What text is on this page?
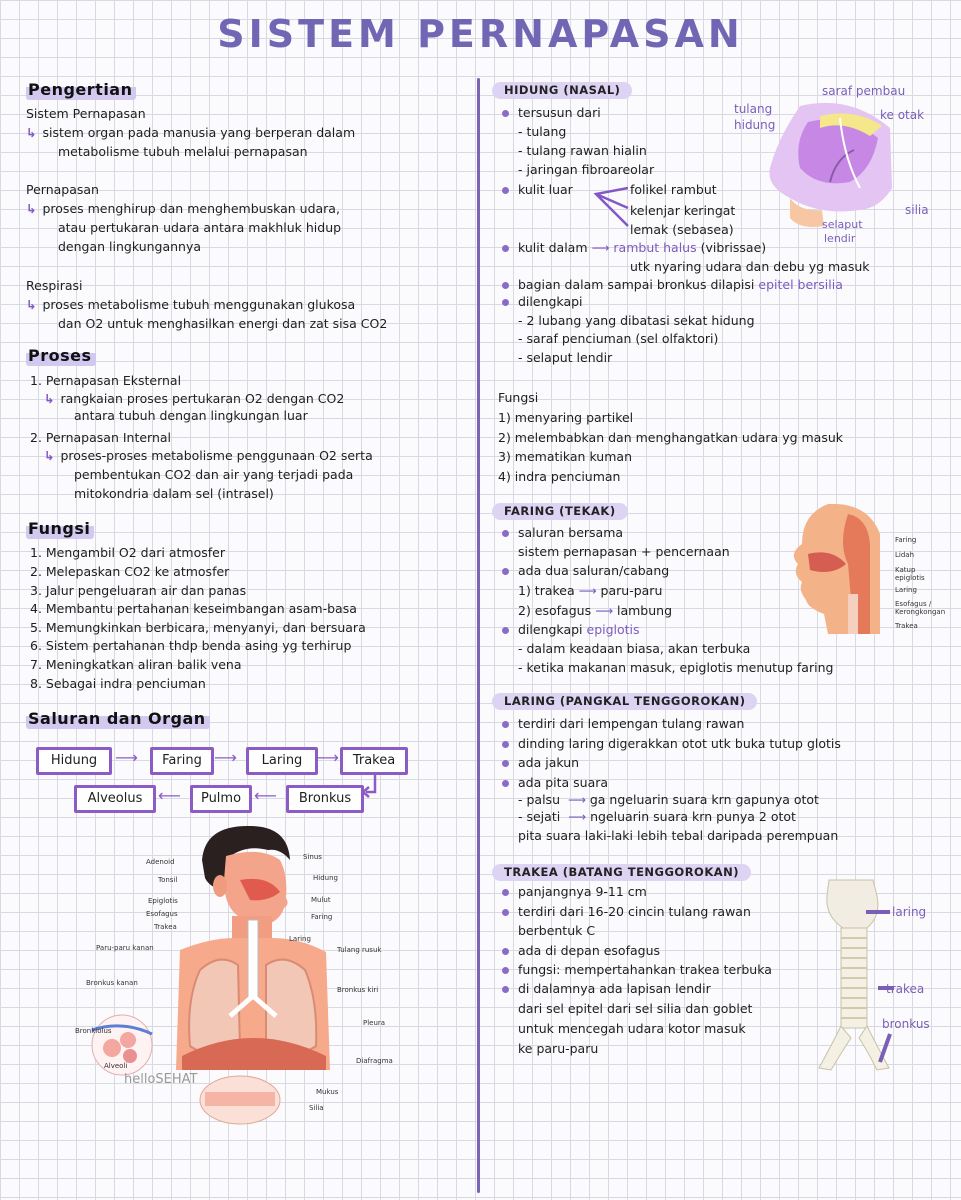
SISTEM PERNAPASAN
Pengertian
Sistem Pernapasan
↳ sistem organ pada manusia yang berperan dalam
metabolisme tubuh melalui pernapasan
Pernapasan
↳ proses menghirup dan menghembuskan udara,
atau pertukaran udara antara makhluk hidup
dengan lingkungannya
Respirasi
↳ proses metabolisme tubuh menggunakan glukosa
dan O2 untuk menghasilkan energi dan zat sisa CO2
Proses
1. Pernapasan Eksternal
↳ rangkaian proses pertukaran O2 dengan CO2
antara tubuh dengan lingkungan luar
2. Pernapasan Internal
↳ proses-proses metabolisme penggunaan O2 serta
pembentukan CO2 dan air yang terjadi pada
mitokondria dalam sel (intrasel)
Fungsi
1. Mengambil O2 dari atmosfer
2. Melepaskan CO2 ke atmosfer
3. Jalur pengeluaran air dan panas
4. Membantu pertahanan keseimbangan asam-basa
5. Memungkinkan berbicara, menyanyi, dan bersuara
6. Sistem pertahanan thdp benda asing yg terhirup
7. Meningkatkan aliran balik vena
8. Sebagai indra penciuman
Saluran dan Organ
Hidung	⟶	Faring ⟶	Laring ⟶	Trakea
Bronkus
⟵
Pulmo
⟵
Alveolus
Adenoid
Tonsil
Epiglotis
Esofagus
Trakea
Paru-paru kanan
Bronkus kanan
Sinus
Hidung
Mulut
Faring
Laring
Tulang rusuk
Bronkus kiri
Pleura
Diafragma
Mukus
Silia
Bronkiolus
Alveoli
helloSEHAT
HIDUNG (NASAL)
tersusun dari
- tulang
- tulang rawan hialin
- jaringan fibroareolar
kulit luar	folikel rambut
kelenjar keringat
lemak (sebasea)
kulit dalam ⟶ rambut halus (vibrissae)
utk nyaring udara dan debu yg masuk
bagian dalam sampai bronkus dilapisi epitel bersilia
dilengkapi
- 2 lubang yang dibatasi sekat hidung
- saraf penciuman (sel olfaktori)
- selaput lendir
Fungsi
1) menyaring partikel
2) melembabkan dan menghangatkan udara yg masuk
3) mematikan kuman
4) indra penciuman
saraf pembau
ke otak
tulang
hidung
selaput
lendir
silia
FARING (TEKAK)
saluran bersama
sistem pernapasan + pencernaan
ada dua saluran/cabang
1) trakea ⟶ paru-paru
2) esofagus ⟶ lambung
dilengkapi epiglotis
- dalam keadaan biasa, akan terbuka
- ketika makanan masuk, epiglotis menutup faring
Faring
Lidah
Katup epiglotis
Laring
Esofagus / Kerongkongan
Trakea
LARING (PANGKAL TENGGOROKAN)
terdiri dari lempengan tulang rawan
dinding laring digerakkan otot utk buka tutup glotis
ada jakun
ada pita suara
- palsu ⟶ ga ngeluarin suara krn gapunya otot
- sejati ⟶ ngeluarin suara krn punya 2 otot
pita suara laki-laki lebih tebal daripada perempuan
TRAKEA (BATANG TENGGOROKAN)
panjangnya 9-11 cm
terdiri dari 16-20 cincin tulang rawan
berbentuk C
ada di depan esofagus
fungsi: mempertahankan trakea terbuka
di dalamnya ada lapisan lendir
dari sel epitel dari sel silia dan goblet
untuk mencegah udara kotor masuk
ke paru-paru
laring
trakea
bronkus
